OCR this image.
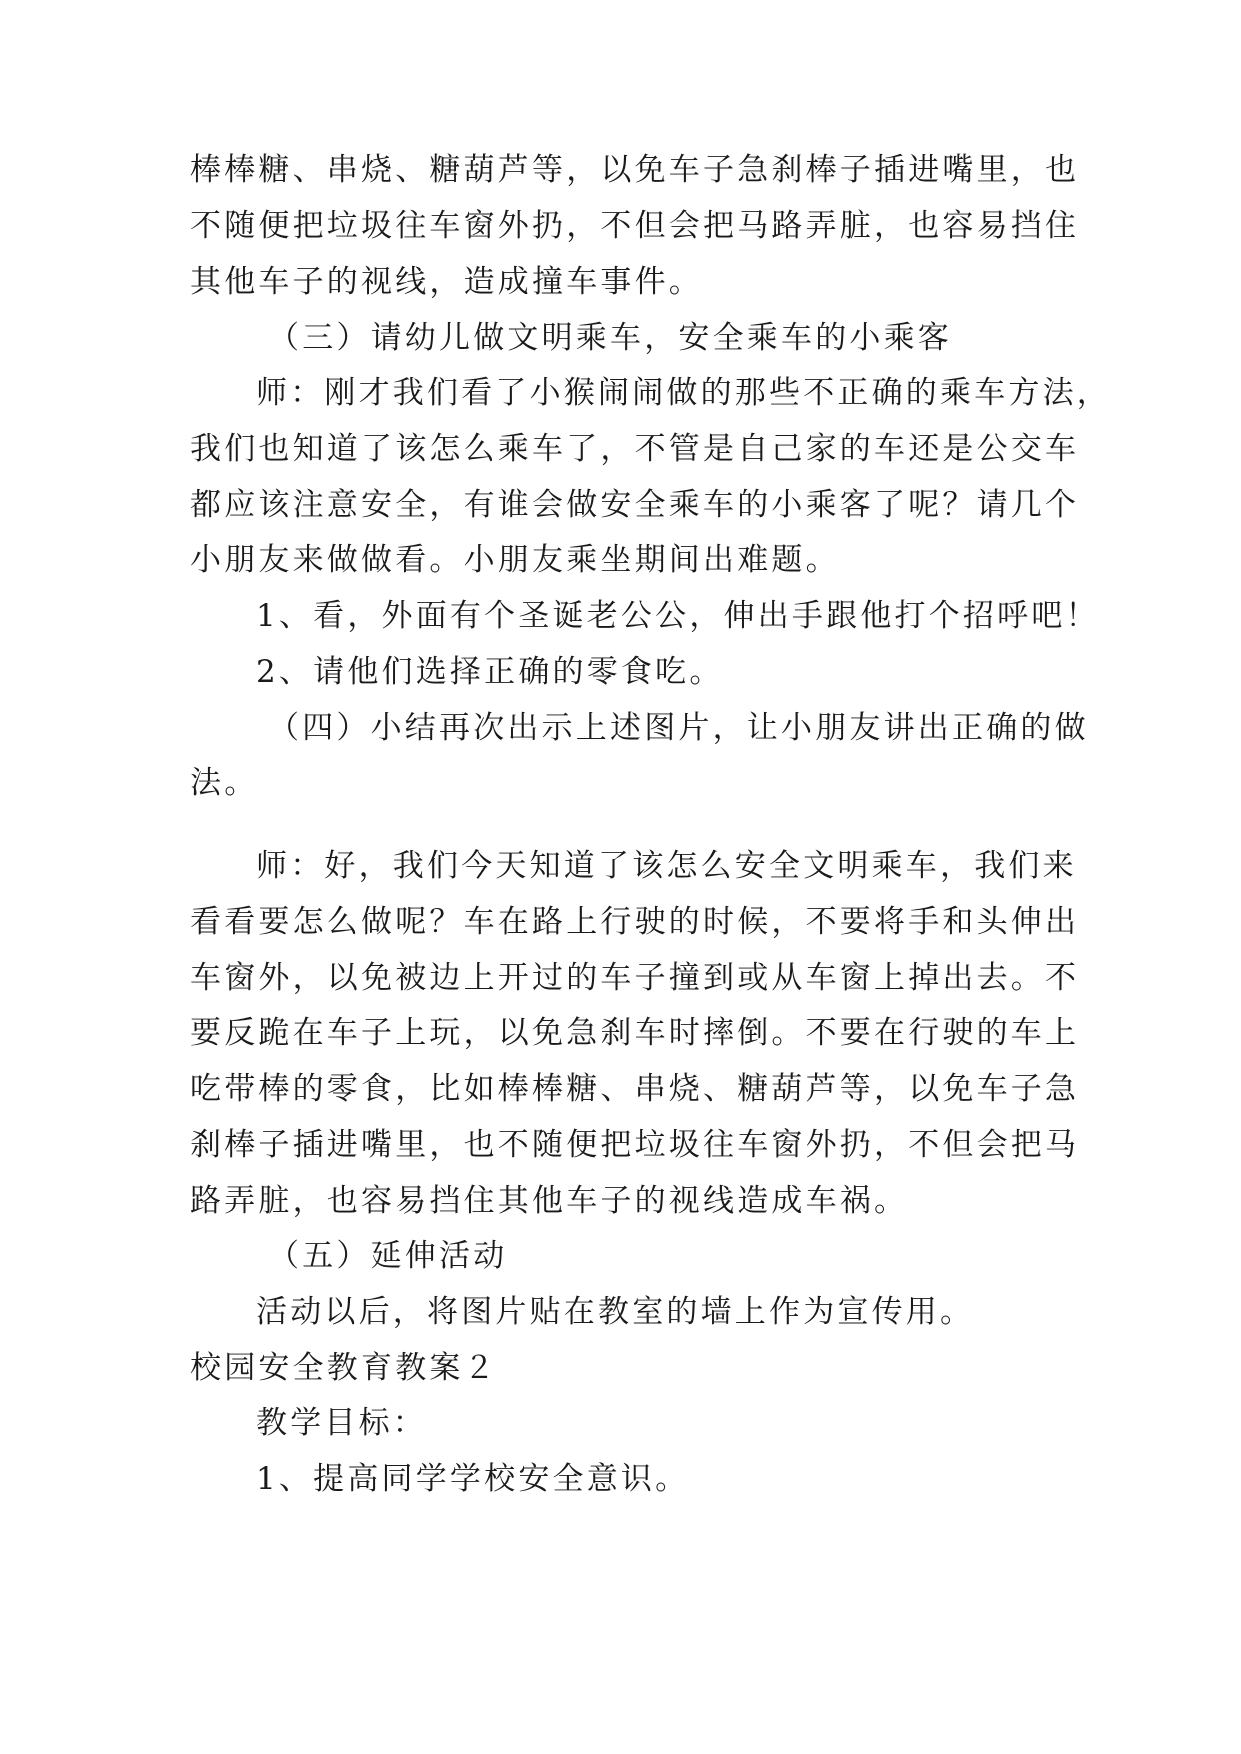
棒棒糖、串烧、糖葫芦等，以免车子急刹棒子插进嘴里，也
不随便把垃圾往车窗外扔，不但会把马路弄脏，也容易挡住
其他车子的视线，造成撞车事件。
（三）请幼儿做文明乘车，安全乘车的小乘客
师：刚才我们看了小猴闹闹做的那些不正确的乘车方法，
我们也知道了该怎么乘车了，不管是自己家的车还是公交车
都应该注意安全，有谁会做安全乘车的小乘客了呢？请几个
小朋友来做做看。小朋友乘坐期间出难题。
1、看，外面有个圣诞老公公，伸出手跟他打个招呼吧！
2、请他们选择正确的零食吃。
（四）小结再次出示上述图片，让小朋友讲出正确的做
法。
师：好，我们今天知道了该怎么安全文明乘车，我们来
看看要怎么做呢？车在路上行驶的时候，不要将手和头伸出
车窗外，以免被边上开过的车子撞到或从车窗上掉出去。不
要反跪在车子上玩，以免急刹车时摔倒。不要在行驶的车上
吃带棒的零食，比如棒棒糖、串烧、糖葫芦等，以免车子急
刹棒子插进嘴里，也不随便把垃圾往车窗外扔，不但会把马
路弄脏，也容易挡住其他车子的视线造成车祸。
（五）延伸活动
活动以后，将图片贴在教室的墙上作为宣传用。
校园安全教育教案２
教学目标：
1、提高同学学校安全意识。
